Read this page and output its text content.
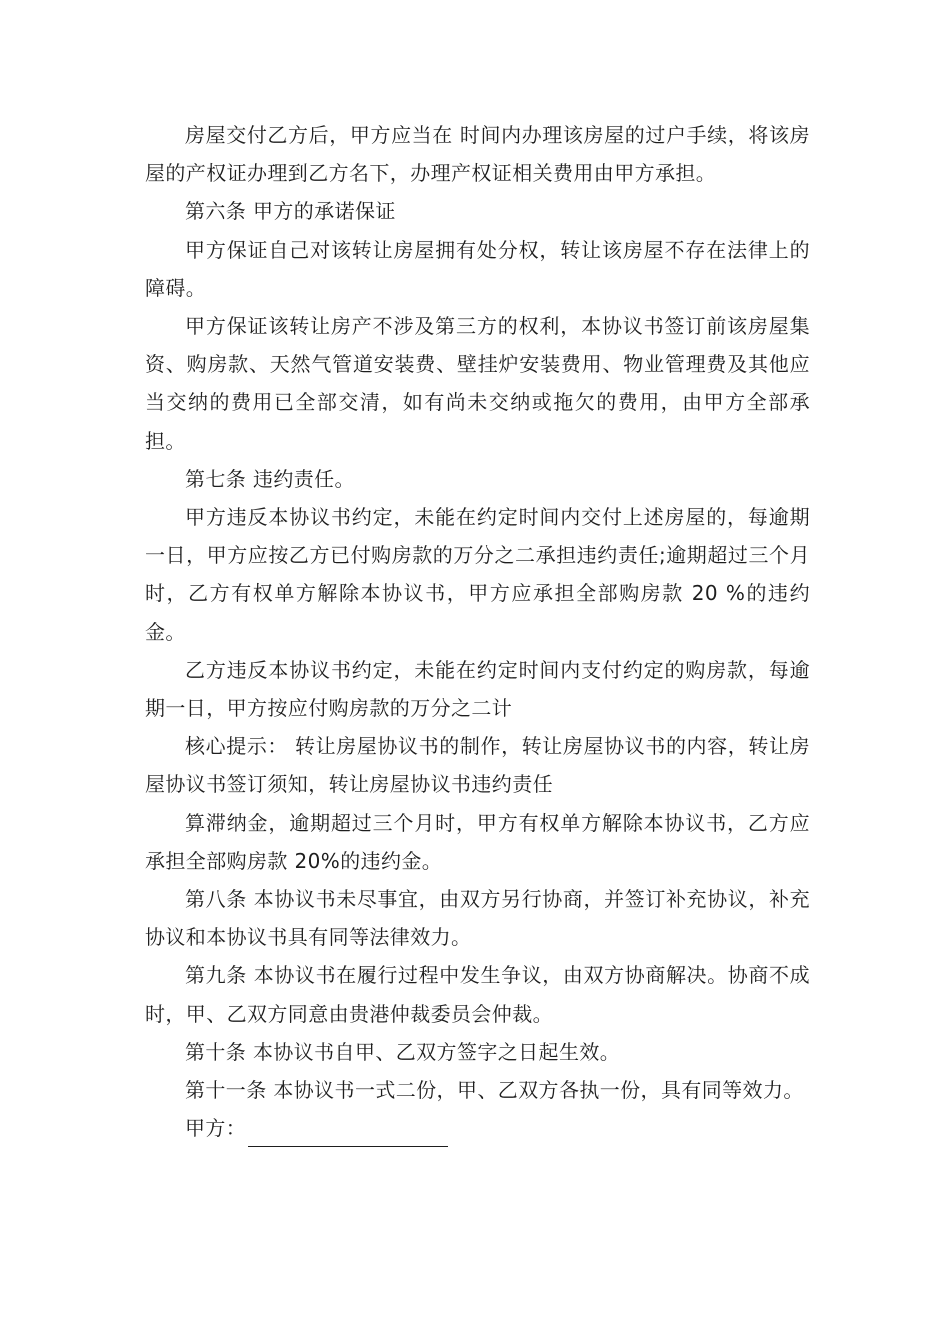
房屋交付乙方后，甲方应当在 时间内办理该房屋的过户手续，将该房屋的产权证办理到乙方名下，办理产权证相关费用由甲方承担。

第六条 甲方的承诺保证

甲方保证自己对该转让房屋拥有处分权，转让该房屋不存在法律上的障碍。

甲方保证该转让房产不涉及第三方的权利，本协议书签订前该房屋集资、购房款、天然气管道安装费、壁挂炉安装费用、物业管理费及其他应当交纳的费用已全部交清，如有尚未交纳或拖欠的费用，由甲方全部承担。

第七条 违约责任。

甲方违反本协议书约定，未能在约定时间内交付上述房屋的，每逾期一日，甲方应按乙方已付购房款的万分之二承担违约责任;逾期超过三个月时，乙方有权单方解除本协议书，甲方应承担全部购房款 20 %的违约金。

乙方违反本协议书约定，未能在约定时间内支付约定的购房款，每逾期一日，甲方按应付购房款的万分之二计

核心提示： 转让房屋协议书的制作，转让房屋协议书的内容，转让房屋协议书签订须知，转让房屋协议书违约责任

算滞纳金，逾期超过三个月时，甲方有权单方解除本协议书，乙方应承担全部购房款 20%的违约金。

第八条 本协议书未尽事宜，由双方另行协商，并签订补充协议，补充协议和本协议书具有同等法律效力。

第九条 本协议书在履行过程中发生争议，由双方协商解决。协商不成时，甲、乙双方同意由贵港仲裁委员会仲裁。

第十条 本协议书自甲、乙双方签字之日起生效。

第十一条 本协议书一式二份，甲、乙双方各执一份，具有同等效力。

甲方：
